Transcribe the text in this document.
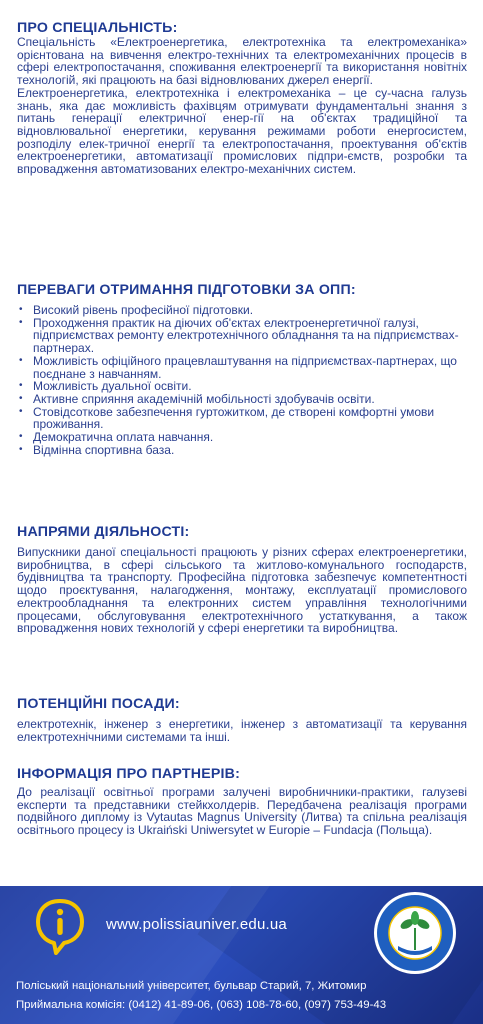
ПРО СПЕЦІАЛЬНІСТЬ:

Спеціальність «Електроенергетика, електротехніка та електромеханіка» орієнтована на вивчення електро-технічних та електромеханічних процесів в сфері електропостачання, споживання електроенергії та використання новітніх технологій, які працюють на базі відновлюваних джерел енергії.

Електроенергетика, електротехніка і електромеханіка – це су-часна галузь знань, яка дає можливість фахівцям отримувати фундаментальні знання з питань генерації електричної енер-гії на об'єктах традиційної та відновлювальної енергетики, керування режимами роботи енергосистем, розподілу елек-тричної енергії та електропостачання, проектування об'єктів електроенергетики, автоматизації промислових підпри-ємств, розробки та впровадження автоматизованих електро-механічних систем.

ПЕРЕВАГИ ОТРИМАННЯ ПІДГОТОВКИ ЗА ОПП:
• Високий рівень професійної підготовки.
• Проходження практик на діючих об'єктах електроенергетичної галузі, підприємствах ремонту електротехнічного обладнання та на підприємствах-партнерах.
• Можливість офіційного працевлаштування на підприємствах-партнерах, що поєднане з навчанням.
• Можливість дуальної освіти.
• Активне сприяння академічній мобільності здобувачів освіти.
• Стовідсоткове забезпечення гуртожитком, де створені комфортні умови проживання.
• Демократична оплата навчання.
• Відмінна спортивна база.
НАПРЯМИ ДІЯЛЬНОСТІ:

Випускники даної спеціальності працюють у різних сферах електроенергетики, виробництва, в сфері сільського та житлово-комунального господарств, будівництва та транспорту. Професійна підготовка забезпечує компетентності щодо проєктування, налагодження, монтажу, експлуатації промислового електрообладнання та електронних систем управління технологічними процесами, обслуговування електротехнічного устаткування, а також впровадження нових технологій у сфері енергетики та виробництва.

ПОТЕНЦІЙНІ ПОСАДИ:

електротехнік, інженер з енергетики, інженер з автоматизації та керування електротехнічними системами та інші.

ІНФОРМАЦІЯ ПРО ПАРТНЕРІВ:

До реалізації освітньої програми залучені виробничники-практики, галузеві експерти та представники стейкхолдерів. Передбачена реалізація програми подвійного диплому із Vytautas Magnus University (Литва) та спільна реалізація освітнього процесу із Ukraiński Uniwersytet w Europie – Fundacja (Польща).

www.polissiauniver.edu.ua
Поліський національний університет, бульвар Старий, 7, Житомир
Приймальна комісія: (0412) 41-89-06, (063) 108-78-60, (097) 753-49-43
